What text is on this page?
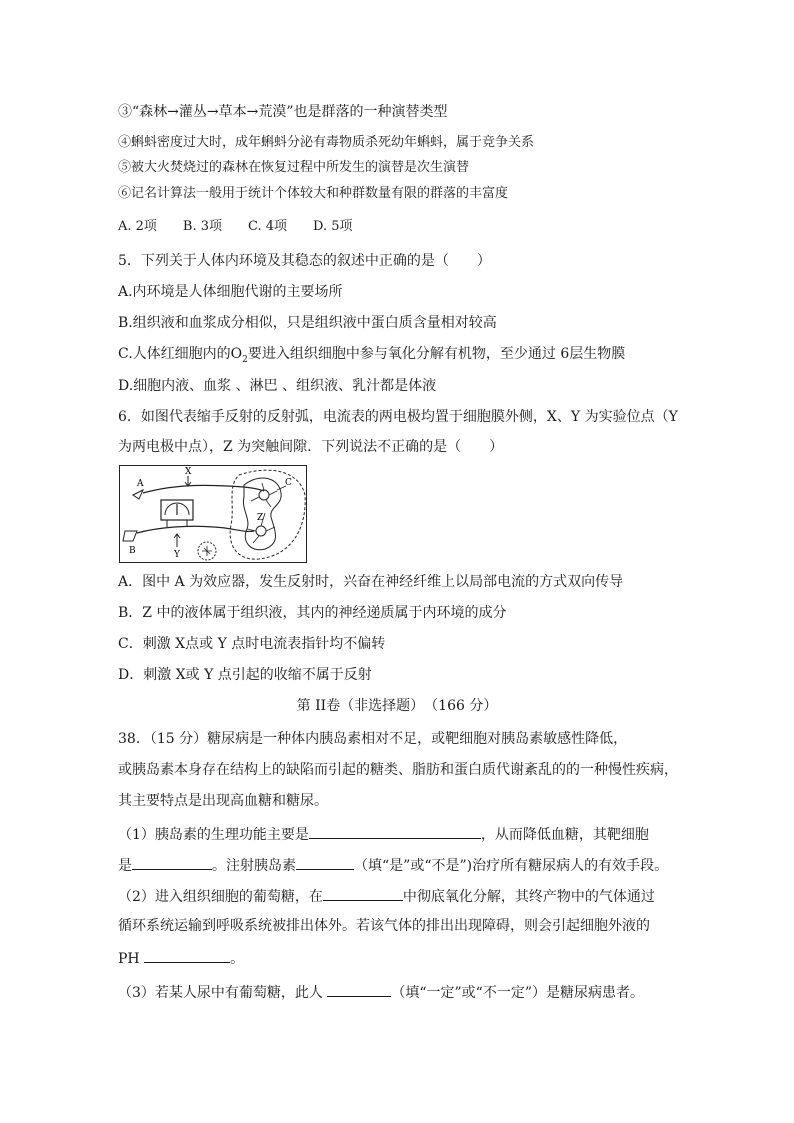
③“森林→灌丛→草本→荒漠”也是群落的一种演替类型
④蝌蚪密度过大时，成年蝌蚪分泌有毒物质杀死幼年蝌蚪，属于竞争关系
⑤被大火焚烧过的森林在恢复过程中所发生的演替是次生演替
⑥记名计算法一般用于统计个体较大和种群数量有限的群落的丰富度
A. 2项　　B. 3项　　C. 4项　　D. 5项
5．下列关于人体内环境及其稳态的叙述中正确的是（　　）
A.内环境是人体细胞代谢的主要场所
B.组织液和血浆成分相似，只是组织液中蛋白质含量相对较高
C.人体红细胞内的$O_2$要进入组织细胞中参与氧化分解有机物，至少通过 6层生物膜
D.细胞内液、血浆 、淋巴 、组织液、乳汁都是体液
6．如图代表缩手反射的反射弧，电流表的两电极均置于细胞膜外侧，X、Y 为实验位点（Y
为两电极中点），Z 为突触间隙．下列说法不正确的是（　　）
A
B
X
Y
Z
C
A．图中 A 为效应器，发生反射时，兴奋在神经纤维上以局部电流的方式双向传导
B．Z 中的液体属于组织液，其内的神经递质属于内环境的成分
C．刺激 X点或 Y 点时电流表指针均不偏转
D．刺激 X或 Y 点引起的收缩不属于反射
第 II卷（非选择题）　（166 分）
38．（15 分）糖尿病是一种体内胰岛素相对不足，或靶细胞对胰岛素敏感性降低，
或胰岛素本身存在结构上的缺陷而引起的糖类、脂肪和蛋白质代谢紊乱的的一种慢性疾病，
其主要特点是出现高血糖和糖尿。
（1）胰岛素的生理功能主要是	，从而降低血糖，其靶细胞
是	。注射胰岛素	（填“是”或“不是”)治疗所有糖尿病人的有效手段。
（2）进入组织细胞的葡萄糖，在	中彻底氧化分解，其终产物中的气体通过
循环系统运输到呼吸系统被排出体外。若该气体的排出出现障碍，则会引起细胞外液的
PH	。
（3）若某人尿中有葡萄糖，此人	（填“一定”或“不一定”）是糖尿病患者。
